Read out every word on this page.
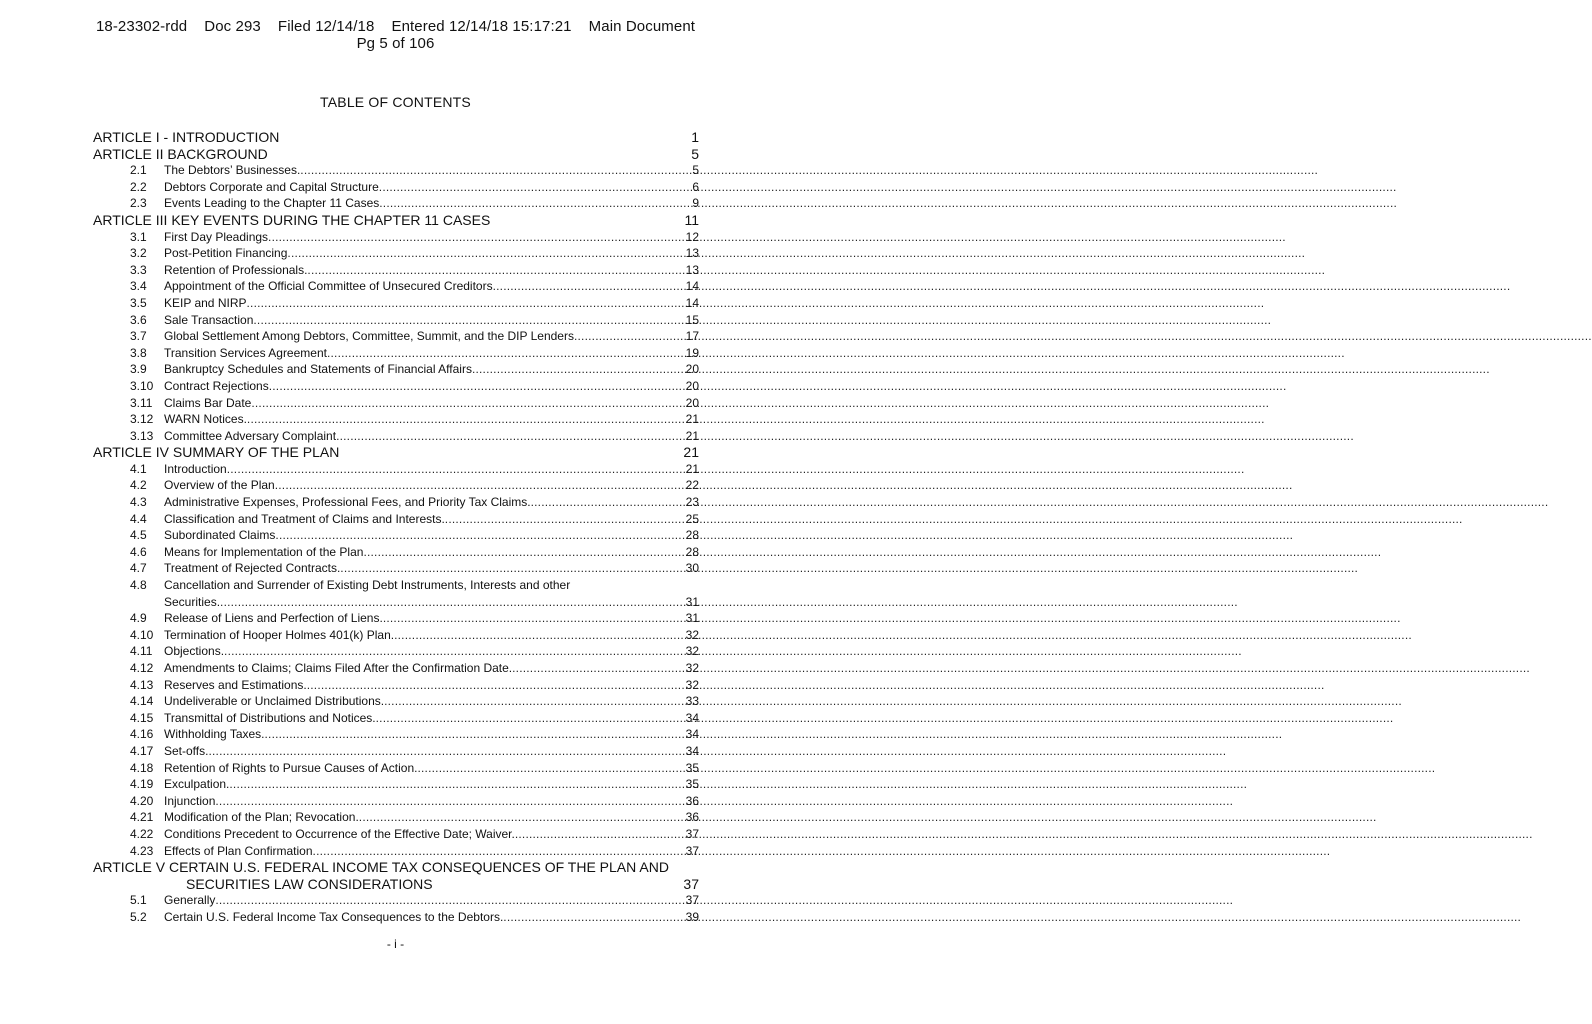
18-23302-rdd    Doc 293    Filed 12/14/18    Entered 12/14/18 15:17:21    Main Document
Pg 5 of 106
TABLE OF CONTENTS
ARTICLE I - INTRODUCTION	1
ARTICLE II BACKGROUND	5
2.1	The Debtors’ Businesses. .....	5
2.2	Debtors Corporate and Capital Structure .....	6
2.3	Events Leading to the Chapter 11 Cases .....	9
ARTICLE III KEY EVENTS DURING THE CHAPTER 11 CASES	11
3.1	First Day Pleadings .....	12
3.2	Post-Petition Financing .....	13
3.3	Retention of Professionals. .....	13
3.4	Appointment of the Official Committee of Unsecured Creditors .....	14
3.5	KEIP and NIRP .....	14
3.6	Sale Transaction .....	15
3.7	Global Settlement Among Debtors, Committee, Summit, and the DIP Lenders .....	17
3.8	Transition Services Agreement .....	19
3.9	Bankruptcy Schedules and Statements of Financial Affairs .....	20
3.10 Contract Rejections .....	20
3.11 Claims Bar Date .....	20
3.12 WARN Notices. .....	21
3.13 Committee Adversary Complaint .....	21
ARTICLE IV SUMMARY OF THE PLAN	21
4.1	Introduction .....	21
4.2	Overview of the Plan .....	22
4.3	Administrative Expenses, Professional Fees, and Priority Tax Claims. .....	23
4.4	Classification and Treatment of Claims and Interests. .....	25
4.5	Subordinated Claims .....	28
4.6	Means for Implementation of the Plan .....	28
4.7	Treatment of Rejected Contracts. .....	30
4.8	Cancellation and Surrender of Existing Debt Instruments, Interests and other
Securities. .....	31
4.9	Release of Liens and Perfection of Liens. .....	31
4.10 Termination of Hooper Holmes 401(k) Plan. .....	32
4.11 Objections. .....	32
4.12 Amendments to Claims; Claims Filed After the Confirmation Date. .....	32
4.13 Reserves and Estimations. .....	32
4.14 Undeliverable or Unclaimed Distributions. .....	33
4.15 Transmittal of Distributions and Notices. .....	34
4.16 Withholding Taxes. .....	34
4.17 Set-offs. .....	34
4.18 Retention of Rights to Pursue Causes of Action. .....	35
4.19 Exculpation. .....	35
4.20 Injunction .....	36
4.21 Modification of the Plan; Revocation. .....	36
4.22 Conditions Precedent to Occurrence of the Effective Date; Waiver. .....	37
4.23 Effects of Plan Confirmation .....	37
ARTICLE V CERTAIN U.S. FEDERAL INCOME TAX CONSEQUENCES OF THE PLAN AND
SECURITIES LAW CONSIDERATIONS	37
5.1	Generally .....	37
5.2	Certain U.S. Federal Income Tax Consequences to the Debtors. .....	39
- i -
